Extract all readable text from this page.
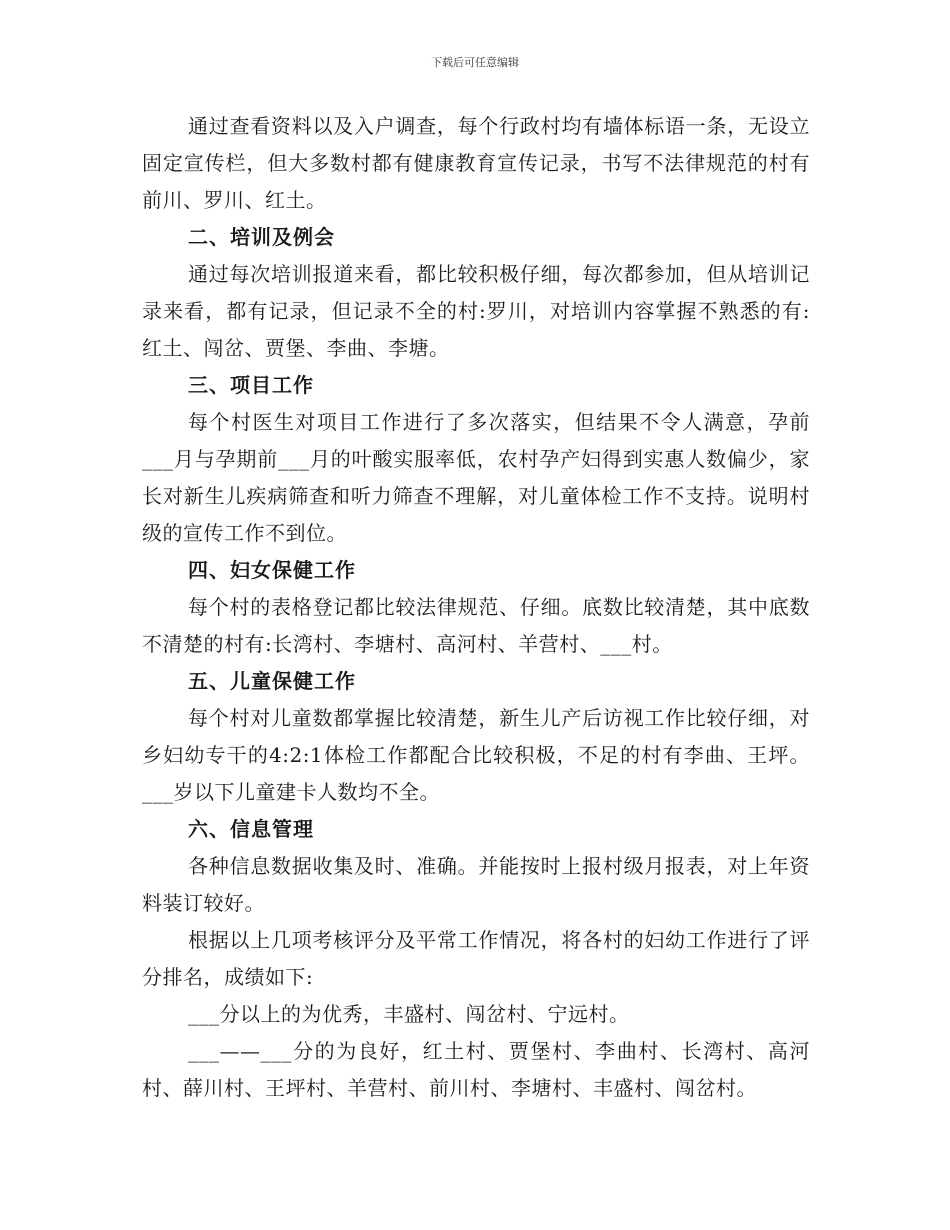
下载后可任意编辑

通过查看资料以及入户调查，每个行政村均有墙体标语一条，无设立固定宣传栏，但大多数村都有健康教育宣传记录，书写不法律规范的村有前川、罗川、红土。

二、培训及例会

通过每次培训报道来看，都比较积极仔细，每次都参加，但从培训记录来看，都有记录，但记录不全的村:罗川，对培训内容掌握不熟悉的有:红土、闯岔、贾堡、李曲、李塘。

三、项目工作

每个村医生对项目工作进行了多次落实，但结果不令人满意，孕前___月与孕期前___月的叶酸实服率低，农村孕产妇得到实惠人数偏少，家长对新生儿疾病筛查和听力筛查不理解，对儿童体检工作不支持。说明村级的宣传工作不到位。

四、妇女保健工作

每个村的表格登记都比较法律规范、仔细。底数比较清楚，其中底数不清楚的村有:长湾村、李塘村、高河村、羊营村、___村。

五、儿童保健工作

每个村对儿童数都掌握比较清楚，新生儿产后访视工作比较仔细，对乡妇幼专干的4:2:1体检工作都配合比较积极，不足的村有李曲、王坪。___岁以下儿童建卡人数均不全。

六、信息管理

各种信息数据收集及时、准确。并能按时上报村级月报表，对上年资料装订较好。

根据以上几项考核评分及平常工作情况，将各村的妇幼工作进行了评分排名，成绩如下:

___分以上的为优秀，丰盛村、闯岔村、宁远村。

___——___分的为良好，红土村、贾堡村、李曲村、长湾村、高河村、薛川村、王坪村、羊营村、前川村、李塘村、丰盛村、闯岔村。
